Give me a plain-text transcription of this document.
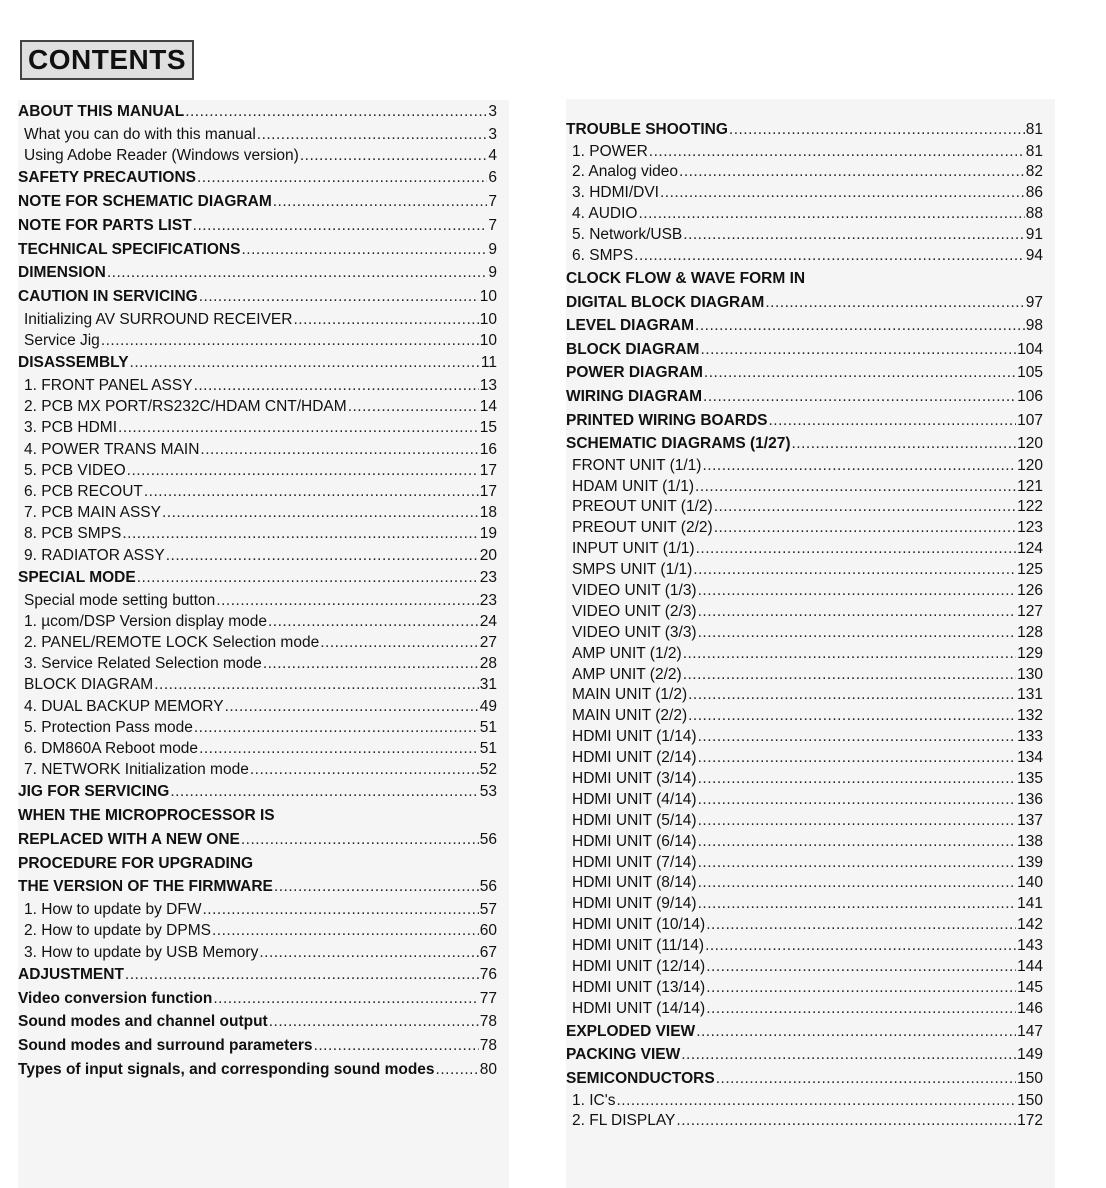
CONTENTS
ABOUT THIS MANUAL .....	3
What you can do with this manual .....	3
Using Adobe Reader (Windows version) .....	4
SAFETY PRECAUTIONS .....	6
NOTE FOR SCHEMATIC DIAGRAM .....	7
NOTE FOR PARTS LIST .....	7
TECHNICAL SPECIFICATIONS .....	9
DIMENSION .....	9
CAUTION IN SERVICING .....	10
Initializing AV SURROUND RECEIVER .....	10
Service Jig .....	10
DISASSEMBLY .....	11
1. FRONT PANEL ASSY .....	13
2. PCB MX PORT/RS232C/HDAM CNT/HDAM .....	14
3. PCB HDMI .....	15
4. POWER TRANS MAIN .....	16
5. PCB VIDEO .....	17
6. PCB RECOUT .....	17
7. PCB MAIN ASSY .....	18
8. PCB SMPS .....	19
9. RADIATOR ASSY .....	20
SPECIAL MODE .....	23
Special mode setting button .....	23
1. µcom/DSP Version display mode .....	24
2. PANEL/REMOTE LOCK Selection mode .....	27
3. Service Related Selection mode .....	28
BLOCK DIAGRAM .....	31
4. DUAL BACKUP MEMORY .....	49
5. Protection Pass mode .....	51
6. DM860A Reboot mode .....	51
7. NETWORK Initialization mode .....	52
JIG FOR SERVICING .....	53
WHEN THE MICROPROCESSOR IS
REPLACED WITH A NEW ONE .....	56
PROCEDURE FOR UPGRADING
THE VERSION OF THE FIRMWARE .....	56
1. How to update by DFW .....	57
2. How to update by DPMS .....	60
3. How to update by USB Memory .....	67
ADJUSTMENT .....	76
Video conversion function .....	77
Sound modes and channel output .....	78
Sound modes and surround parameters .....	78
Types of input signals, and corresponding sound modes .....	80
TROUBLE SHOOTING .....	81
1. POWER .....	81
2. Analog video .....	82
3. HDMI/DVI .....	86
4. AUDIO .....	88
5. Network/USB .....	91
6. SMPS .....	94
CLOCK FLOW & WAVE FORM IN
DIGITAL BLOCK DIAGRAM .....	97
LEVEL DIAGRAM .....	98
BLOCK DIAGRAM .....	104
POWER DIAGRAM .....	105
WIRING DIAGRAM .....	106
PRINTED WIRING BOARDS .....	107
SCHEMATIC DIAGRAMS (1/27) .....	120
FRONT UNIT (1/1) .....	120
HDAM UNIT (1/1) .....	121
PREOUT UNIT (1/2) .....	122
PREOUT UNIT (2/2) .....	123
INPUT UNIT (1/1) .....	124
SMPS UNIT (1/1) .....	125
VIDEO UNIT (1/3) .....	126
VIDEO UNIT (2/3) .....	127
VIDEO UNIT (3/3) .....	128
AMP UNIT (1/2) .....	129
AMP UNIT (2/2) .....	130
MAIN UNIT (1/2) .....	131
MAIN UNIT (2/2) .....	132
HDMI UNIT (1/14) .....	133
HDMI UNIT (2/14) .....	134
HDMI UNIT (3/14) .....	135
HDMI UNIT (4/14) .....	136
HDMI UNIT (5/14) .....	137
HDMI UNIT (6/14) .....	138
HDMI UNIT (7/14) .....	139
HDMI UNIT (8/14) .....	140
HDMI UNIT (9/14) .....	141
HDMI UNIT (10/14) .....	142
HDMI UNIT (11/14) .....	143
HDMI UNIT (12/14) .....	144
HDMI UNIT (13/14) .....	145
HDMI UNIT (14/14) .....	146
EXPLODED VIEW .....	147
PACKING VIEW .....	149
SEMICONDUCTORS .....	150
1. IC's .....	150
2. FL DISPLAY .....	172
